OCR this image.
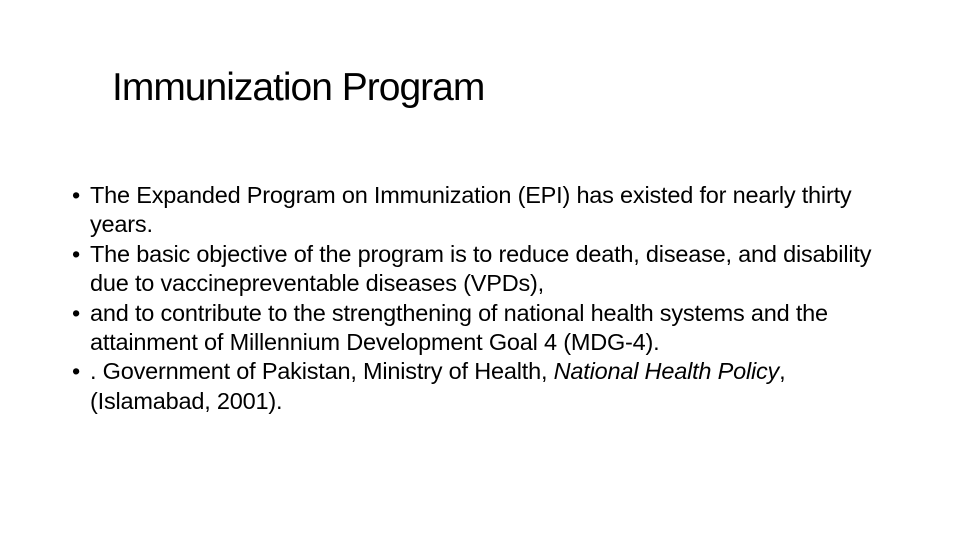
Immunization Program
• The Expanded Program on Immunization (EPI) has existed for nearly thirty years.
• The basic objective of the program is to reduce death, disease, and disability due to vaccinepreventable diseases (VPDs),
• and to contribute to the strengthening of national health systems and the attainment of Millennium Development Goal 4 (MDG-4).
• . Government of Pakistan, Ministry of Health, National Health Policy, (Islamabad, 2001).
